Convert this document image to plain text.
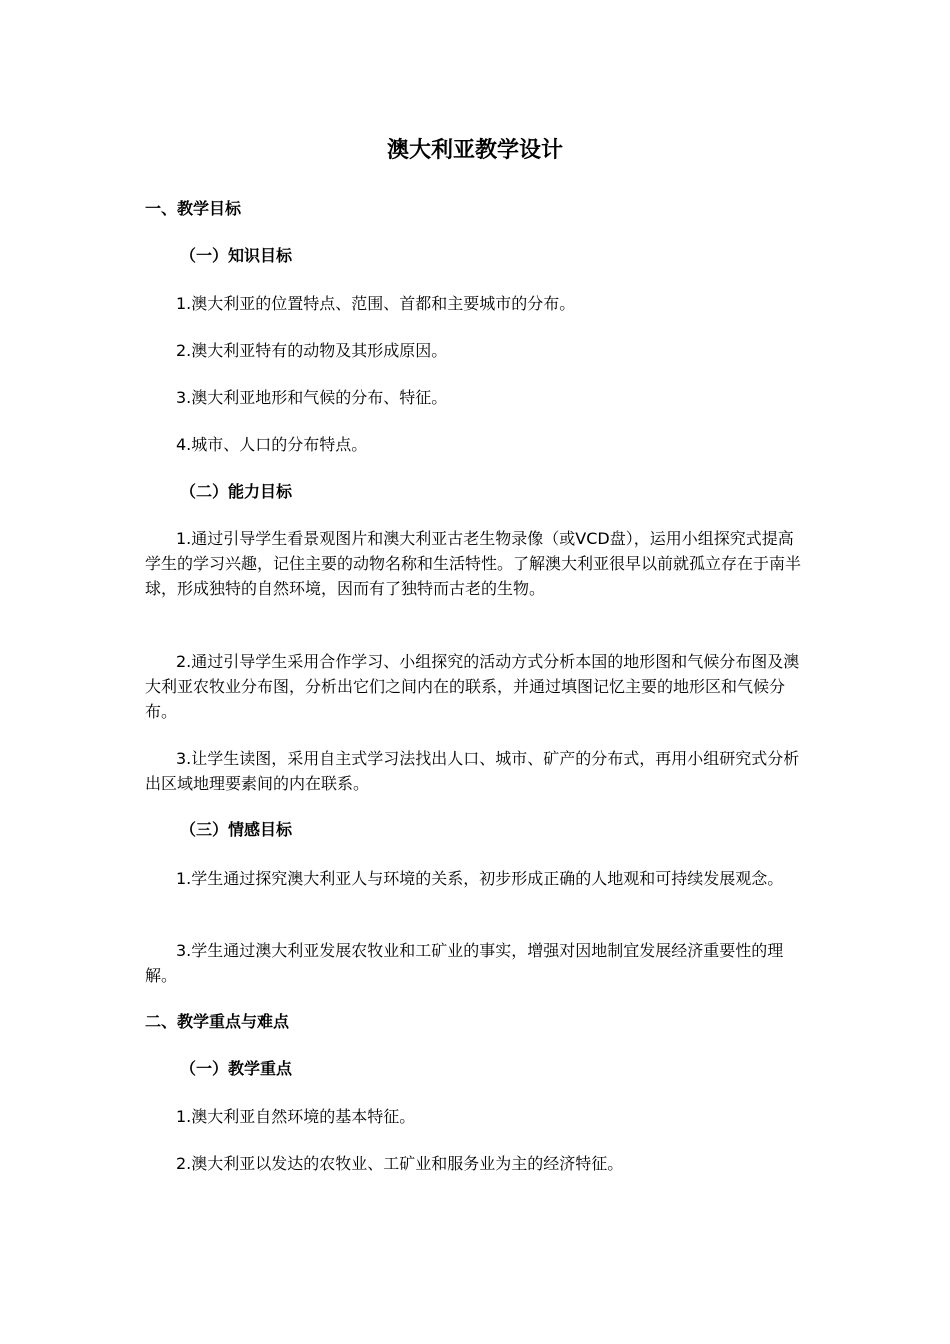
澳大利亚教学设计
一、教学目标
（一）知识目标
1.澳大利亚的位置特点、范围、首都和主要城市的分布。
2.澳大利亚特有的动物及其形成原因。
3.澳大利亚地形和气候的分布、特征。
4.城市、人口的分布特点。
（二）能力目标
1.通过引导学生看景观图片和澳大利亚古老生物录像（或VCD盘），运用小组探究式提高学生的学习兴趣，记住主要的动物名称和生活特性。了解澳大利亚很早以前就孤立存在于南半球，形成独特的自然环境，因而有了独特而古老的生物。
2.通过引导学生采用合作学习、小组探究的活动方式分析本国的地形图和气候分布图及澳大利亚农牧业分布图，分析出它们之间内在的联系，并通过填图记忆主要的地形区和气候分布。
3.让学生读图，采用自主式学习法找出人口、城市、矿产的分布式，再用小组研究式分析出区域地理要素间的内在联系。
（三）情感目标
1.学生通过探究澳大利亚人与环境的关系，初步形成正确的人地观和可持续发展观念。
3.学生通过澳大利亚发展农牧业和工矿业的事实，增强对因地制宜发展经济重要性的理解。
二、教学重点与难点
（一）教学重点
1.澳大利亚自然环境的基本特征。
2.澳大利亚以发达的农牧业、工矿业和服务业为主的经济特征。
